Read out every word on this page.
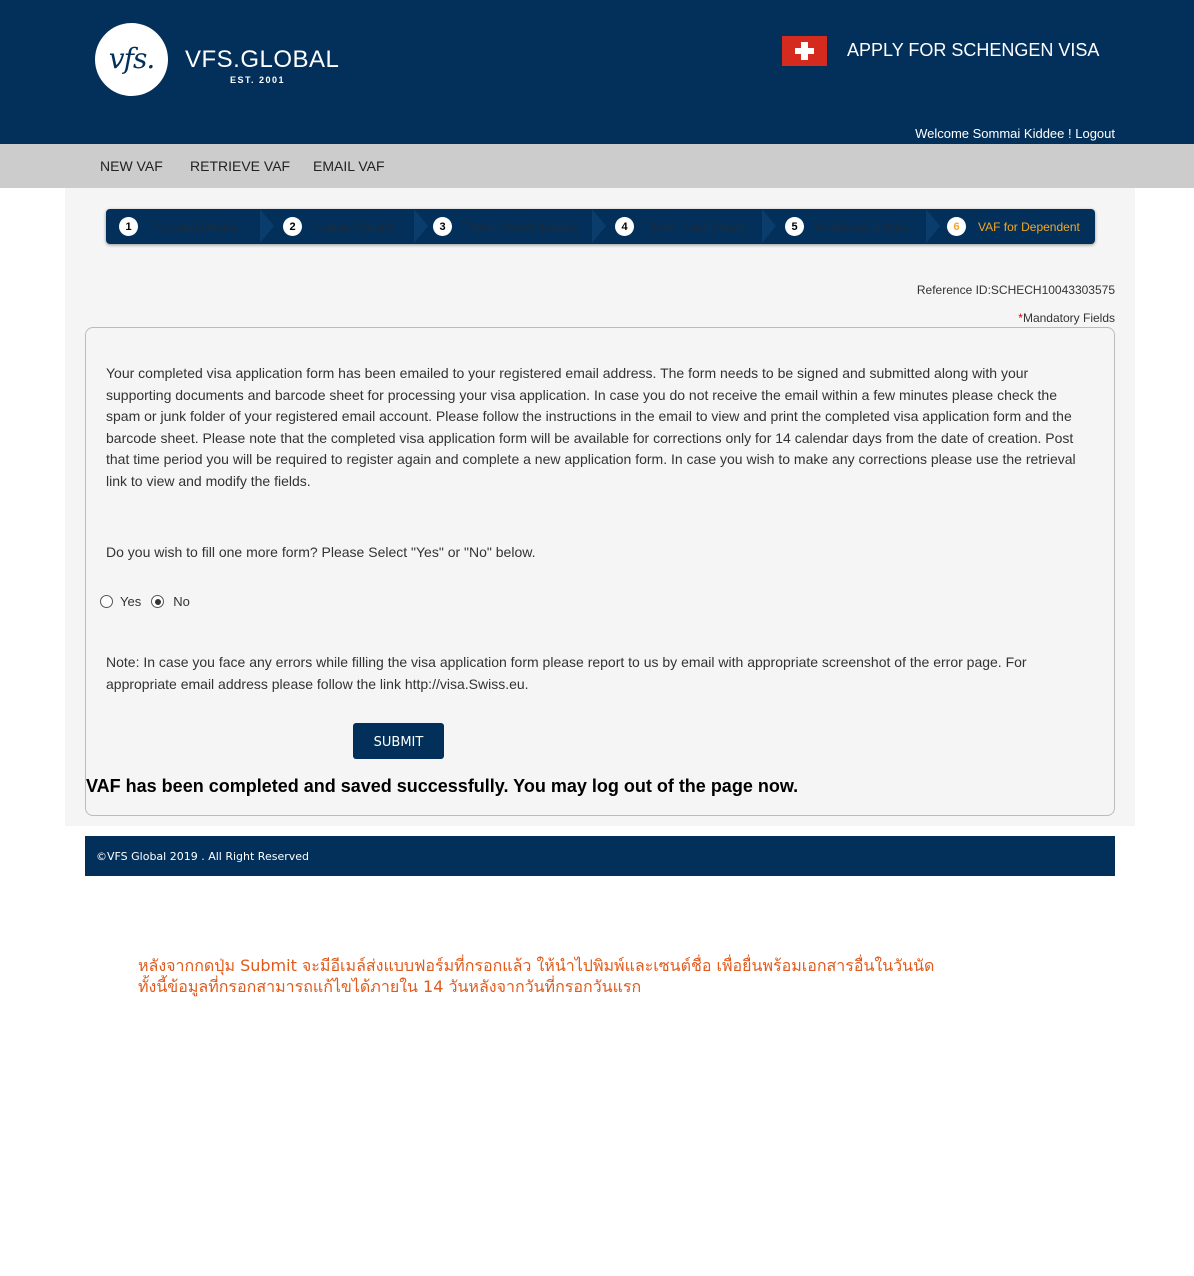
vfs.	VFS.GLOBAL
EST. 2001
APPLY FOR SCHENGEN VISA
Welcome Sommai Kiddee ! Logout
NEW VAF RETRIEVE VAF EMAIL VAF
1	Personal Details	2	Contact Details	3	Travel History Details	4	Travel Cost Details	5	Additional Details	6	VAF for Dependent
Reference ID:SCHECH10043303575
*Mandatory Fields

Your completed visa application form has been emailed to your registered email address. The form needs to be signed and submitted along with your supporting documents and barcode sheet for processing your visa application. In case you do not receive the email within a few minutes please check the spam or junk folder of your registered email account. Please follow the instructions in the email to view and print the completed visa application form and the barcode sheet. Please note that the completed visa application form will be available for corrections only for 14 calendar days from the date of creation. Post that time period you will be required to register again and complete a new application form. In case you wish to make any corrections please use the retrieval link to view and modify the fields.

Do you wish to fill one more form? Please Select "Yes" or "No" below.
Yes No

Note: In case you face any errors while filling the visa application form please report to us by email with appropriate screenshot of the error page. For appropriate email address please follow the link http://visa.Swiss.eu.

SUBMIT
VAF has been completed and saved successfully. You may log out of the page now.
©VFS Global 2019 . All Right Reserved
หลังจากกดปุ่ม Submit จะมีอีเมล์ส่งแบบฟอร์มที่กรอกแล้ว ให้นำไปพิมพ์และเซนต์ชื่อ เพื่อยื่นพร้อมเอกสารอื่นในวันนัด
ทั้งนี้ข้อมูลที่กรอกสามารถแก้ไขได้ภายใน 14 วันหลังจากวันที่กรอกวันแรก
